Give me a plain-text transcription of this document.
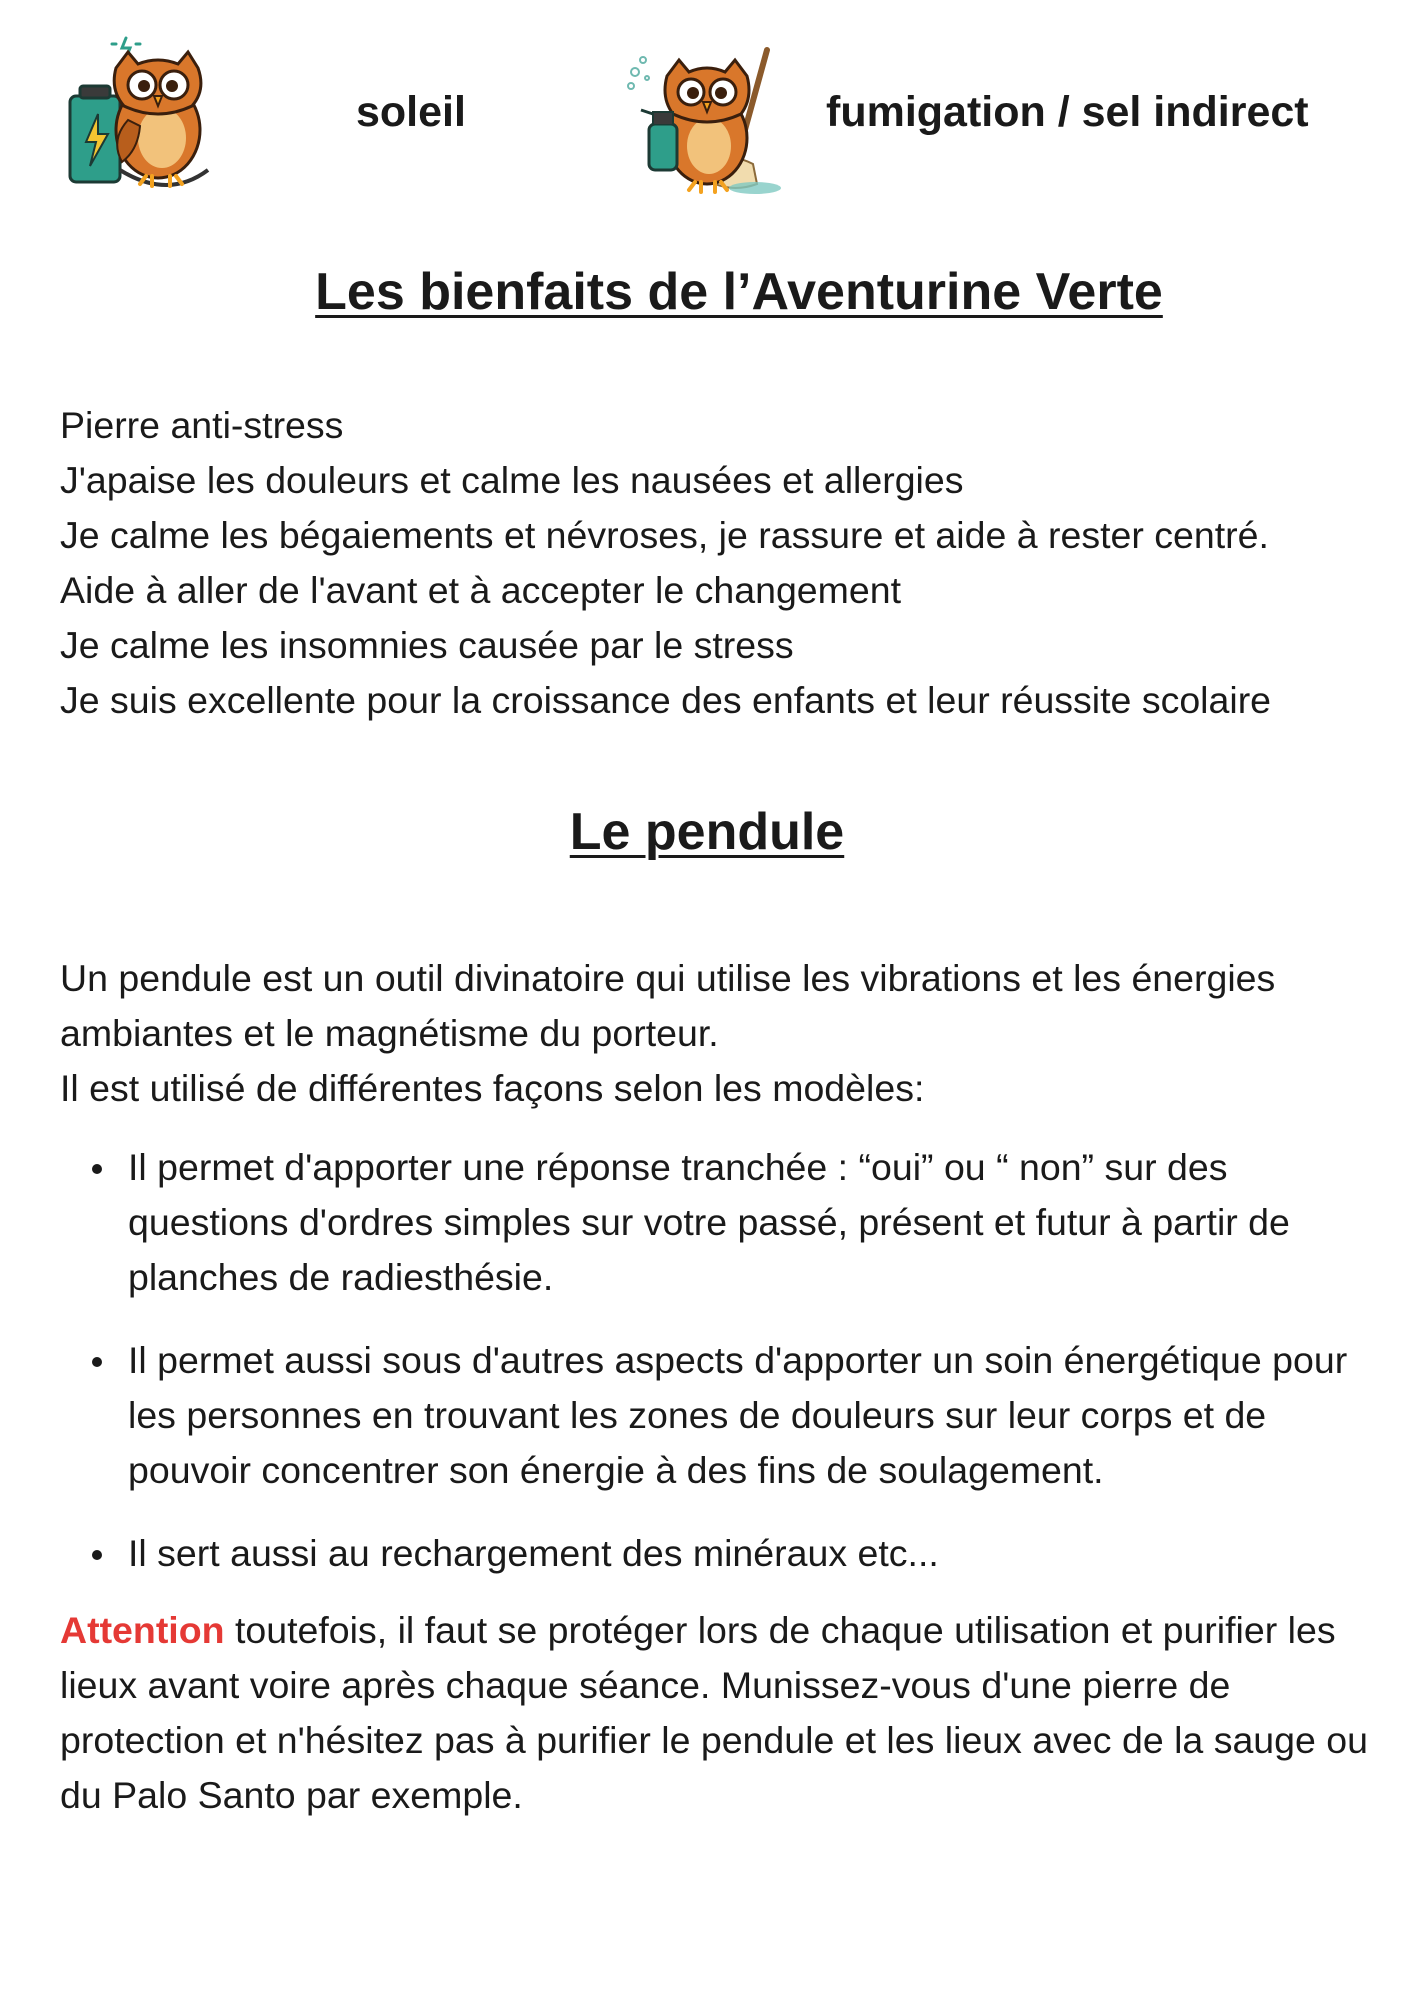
soleil	fumigation / sel indirect
Les bienfaits de l’Aventurine Verte
Pierre anti-stress
J'apaise les douleurs et calme les nausées et allergies
Je calme les bégaiements et névroses, je rassure et aide à rester centré.
Aide à aller de l'avant et à accepter le changement
Je calme les insomnies causée par le stress
Je suis excellente pour la croissance des enfants et leur réussite scolaire
Le pendule
Un pendule est un outil divinatoire qui utilise les vibrations et les énergies ambiantes et le magnétisme du porteur.
Il est utilisé de différentes façons selon les modèles:
Il permet d'apporter une réponse tranchée : “oui” ou “ non” sur des questions d'ordres simples sur votre passé, présent et futur à partir de planches de radiesthésie.
Il permet aussi sous d'autres aspects d'apporter un soin énergétique pour les personnes en trouvant les zones de douleurs sur leur corps et de pouvoir concentrer son énergie à des fins de soulagement.
Il sert aussi au rechargement des minéraux etc...

Attention toutefois, il faut se protéger lors de chaque utilisation et purifier les lieux avant voire après chaque séance. Munissez-vous d'une pierre de protection et n'hésitez pas à purifier le pendule et les lieux avec de la sauge ou du Palo Santo par exemple.
